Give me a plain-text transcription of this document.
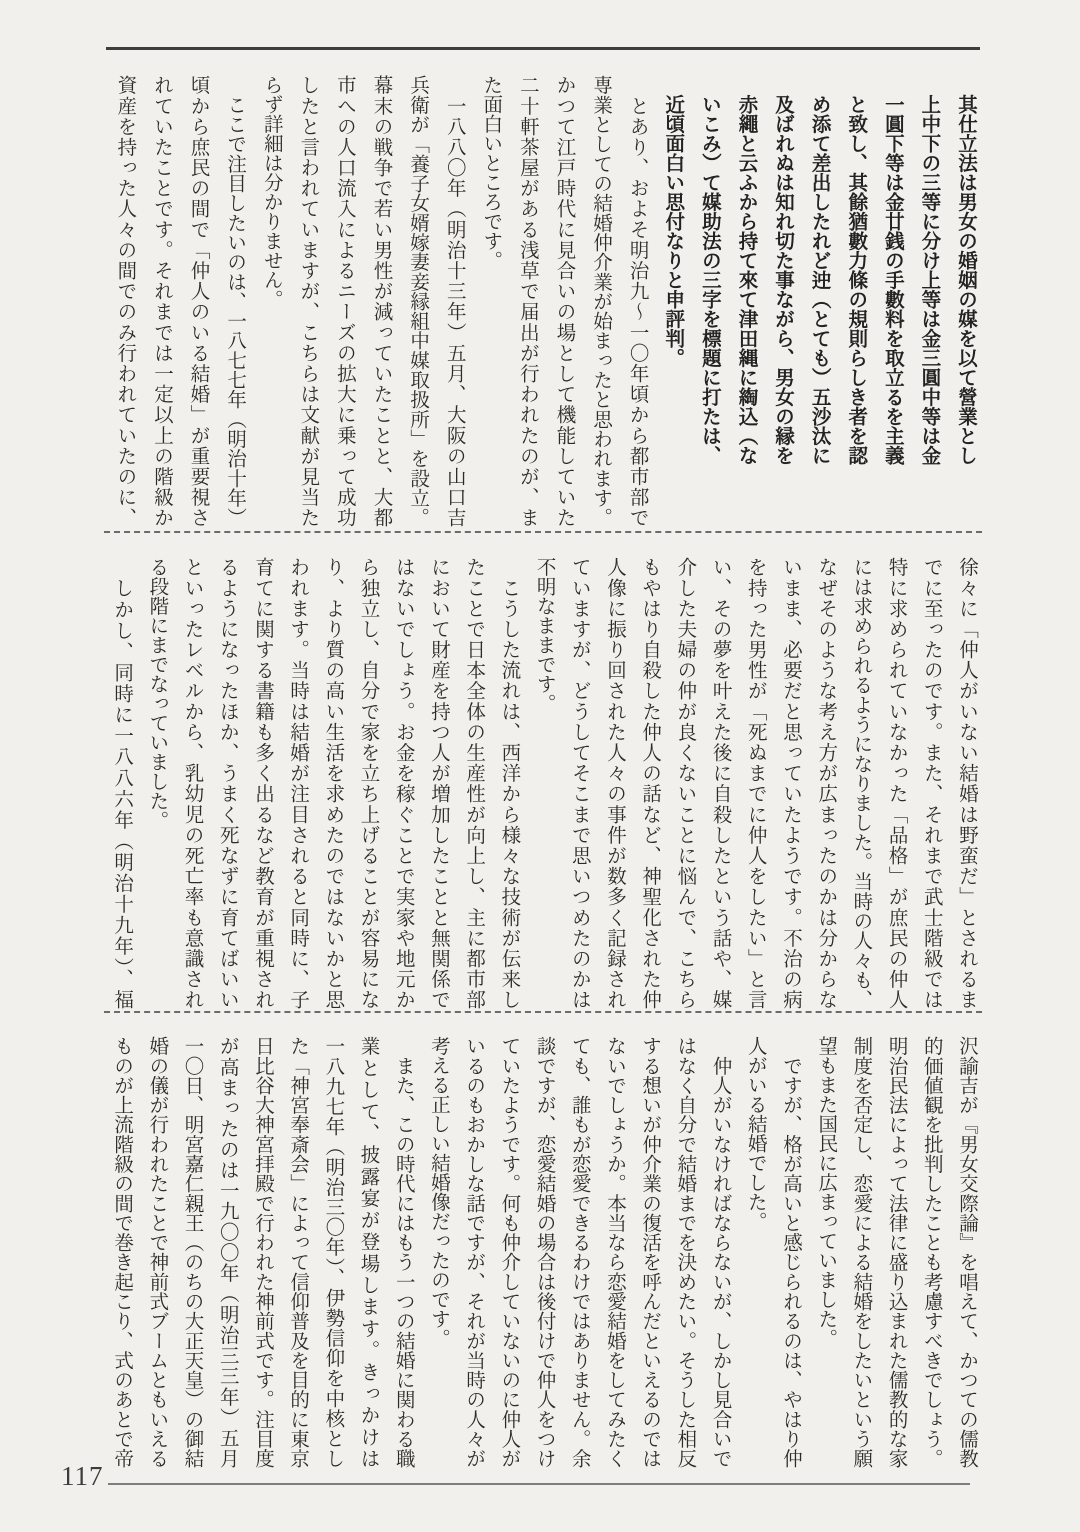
　其仕立法は男女の婚姻の媒を以て營業とし
　上中下の三等に分け上等は金三圓中等は金
　一圓下等は金廿銭の手數料を取立るを主義
　と致し、其餘猶數力條の規則らしき者を認
　め添て差出したれど迚（とても）五沙汰に
　及ばれぬは知れ切た事ながら、男女の縁を
　赤繩と云ふから持て來て津田縄に綯込（な
　いこみ）て媒助法の三字を標題に打たは、
　近頃面白い思付なりと申評判。
　とあり、およそ明治九～一〇年頃から都市部で
専業としての結婚仲介業が始まったと思われます。
かつて江戸時代に見合いの場として機能していた
二十軒茶屋がある浅草で届出が行われたのが、ま
た面白いところです。
　一八八〇年（明治十三年）五月、大阪の山口吉
兵衛が「養子女婿嫁妻妾縁組中媒取扱所」を設立。
幕末の戦争で若い男性が減っていたことと、大都
市への人口流入によるニーズの拡大に乗って成功
したと言われていますが、こちらは文献が見当た
らず詳細は分かりません。
　ここで注目したいのは、一八七七年（明治十年）
頃から庶民の間で「仲人のいる結婚」が重要視さ
れていたことです。それまでは一定以上の階級か
資産を持った人々の間でのみ行われていたのに、
徐々に「仲人がいない結婚は野蛮だ」とされるま
でに至ったのです。また、それまで武士階級では
特に求められていなかった「品格」が庶民の仲人
には求められるようになりました。当時の人々も、
なぜそのような考え方が広まったのかは分からな
いまま、必要だと思っていたようです。不治の病
を持った男性が「死ぬまでに仲人をしたい」と言
い、その夢を叶えた後に自殺したという話や、媒
介した夫婦の仲が良くないことに悩んで、こちら
もやはり自殺した仲人の話など、神聖化された仲
人像に振り回された人々の事件が数多く記録され
ていますが、どうしてそこまで思いつめたのかは
不明なままです。
　こうした流れは、西洋から様々な技術が伝来し
たことで日本全体の生産性が向上し、主に都市部
において財産を持つ人が増加したことと無関係で
はないでしょう。お金を稼ぐことで実家や地元か
ら独立し、自分で家を立ち上げることが容易にな
り、より質の高い生活を求めたのではないかと思
われます。当時は結婚が注目されると同時に、子
育てに関する書籍も多く出るなど教育が重視され
るようになったほか、うまく死なずに育てばいい
といったレベルから、乳幼児の死亡率も意識され
る段階にまでなっていました。
　しかし、同時に一八八六年（明治十九年）、福
沢諭吉が『男女交際論』を唱えて、かつての儒教
的価値観を批判したことも考慮すべきでしょう。
明治民法によって法律に盛り込まれた儒教的な家
制度を否定し、恋愛による結婚をしたいという願
望もまた国民に広まっていました。
　ですが、格が高いと感じられるのは、やはり仲
人がいる結婚でした。
　仲人がいなければならないが、しかし見合いで
はなく自分で結婚までを決めたい。そうした相反
する想いが仲介業の復活を呼んだといえるのでは
ないでしょうか。本当なら恋愛結婚をしてみたく
ても、誰もが恋愛できるわけではありません。余
談ですが、恋愛結婚の場合は後付けで仲人をつけ
ていたようです。何も仲介していないのに仲人が
いるのもおかしな話ですが、それが当時の人々が
考える正しい結婚像だったのです。
　また、この時代にはもう一つの結婚に関わる職
業として、披露宴が登場します。きっかけは
一八九七年（明治三〇年）、伊勢信仰を中核とし
た「神宮奉斎会」によって信仰普及を目的に東京
日比谷大神宮拝殿で行われた神前式です。注目度
が高まったのは一九〇〇年（明治三三年）五月
一〇日、明宮嘉仁親王（のちの大正天皇）の御結
婚の儀が行われたことで神前式ブームともいえる
ものが上流階級の間で巻き起こり、式のあとで帝
117
